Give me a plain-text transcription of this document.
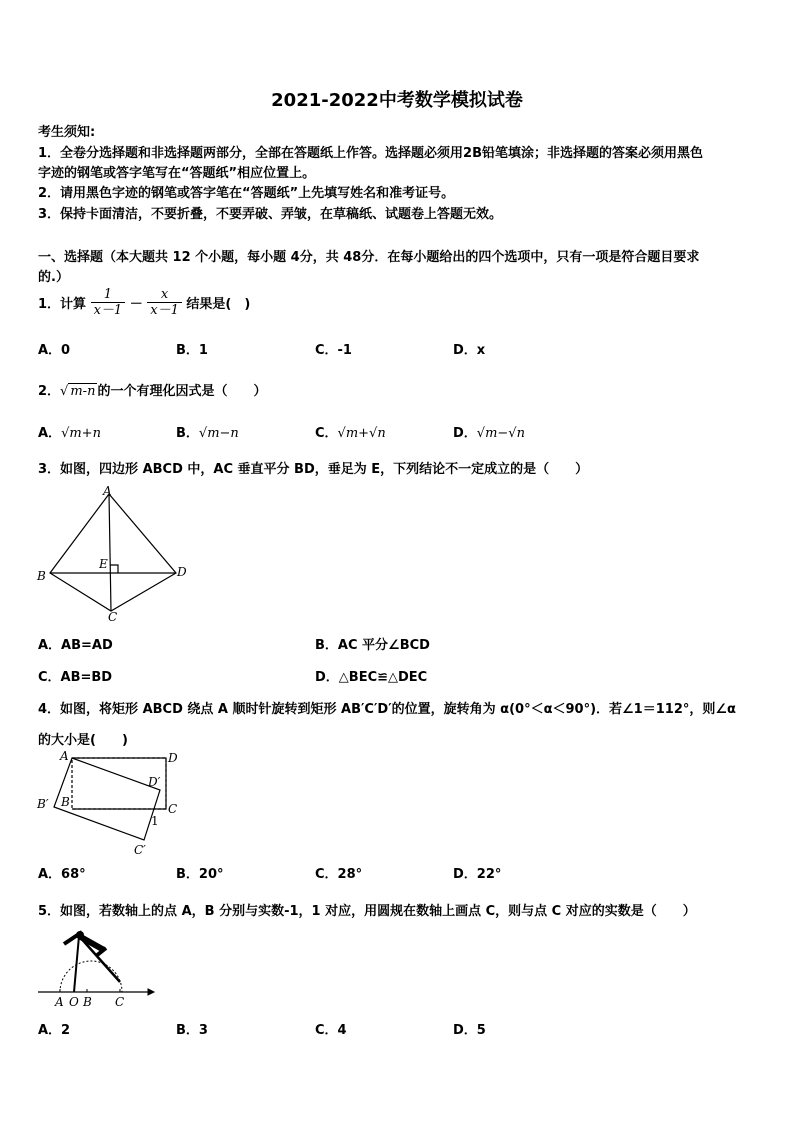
2021-2022中考数学模拟试卷
考生须知:
1．全卷分选择题和非选择题两部分，全部在答题纸上作答。选择题必须用2B铅笔填涂；非选择题的答案必须用黑色
字迹的钢笔或答字笔写在“答题纸”相应位置上。
2．请用黑色字迹的钢笔或答字笔在“答题纸”上先填写姓名和准考证号。
3．保持卡面清洁，不要折叠，不要弄破、弄皱，在草稿纸、试题卷上答题无效。
一、选择题（本大题共 12 个小题，每小题 4分，共 48分．在每小题给出的四个选项中，只有一项是符合题目要求
的.）
1．计算 $\frac{1}{x-1} - \frac{x}{x-1}$ 结果是(　)
A．0	B．1	C．-1	D．x
2．√ m-n 的一个有理化因式是（　　）
A．√m+n	B．√m−n	C．√m+√n	D．√m−√n
3．如图，四边形 ABCD 中，AC 垂直平分 BD，垂足为 E，下列结论不一定成立的是（　　）
A
B
C
D
E
A．AB=AD	B．AC 平分∠BCD
C．AB=BD	D．△BEC≌△DEC
4．如图，将矩形 ABCD 绕点 A 顺时针旋转到矩形 AB′C′D′的位置，旋转角为 α(0°＜α＜90°)．若∠1＝112°，则∠α
的大小是(　　)
A	D
D′
B′ B	C
1
C′
A．68°	B．20°	C．28°	D．22°
5．如图，若数轴上的点 A，B 分别与实数-1，1 对应，用圆规在数轴上画点 C，则与点 C 对应的实数是（　　）
A O B C
A．2	B．3	C．4	D．5
